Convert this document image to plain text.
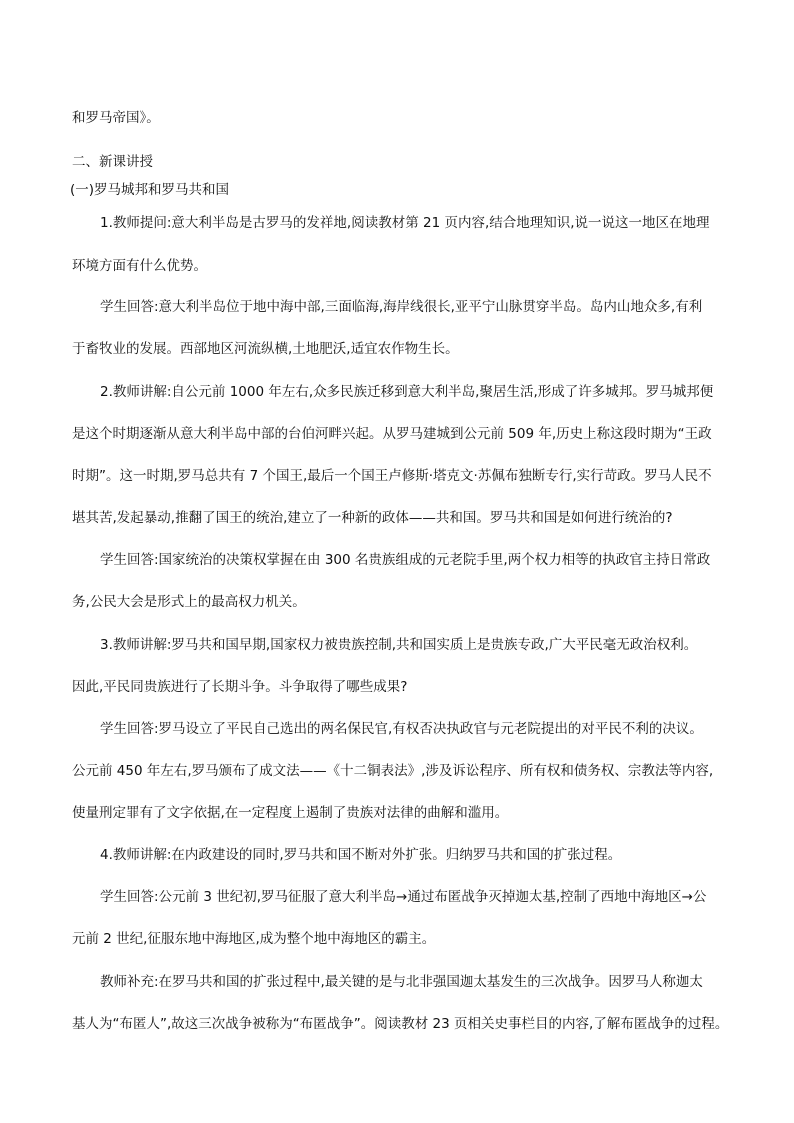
和罗马帝国》。
二、新课讲授
(一)罗马城邦和罗马共和国
1.教师提问:意大利半岛是古罗马的发祥地,阅读教材第 21 页内容,结合地理知识,说一说这一地区在地理
环境方面有什么优势。
学生回答:意大利半岛位于地中海中部,三面临海,海岸线很长,亚平宁山脉贯穿半岛。岛内山地众多,有利
于畜牧业的发展。西部地区河流纵横,土地肥沃,适宜农作物生长。
2.教师讲解:自公元前 1000 年左右,众多民族迁移到意大利半岛,聚居生活,形成了许多城邦。罗马城邦便
是这个时期逐渐从意大利半岛中部的台伯河畔兴起。从罗马建城到公元前 509 年,历史上称这段时期为“王政
时期”。这一时期,罗马总共有 7 个国王,最后一个国王卢修斯·塔克文·苏佩布独断专行,实行苛政。罗马人民不
堪其苦,发起暴动,推翻了国王的统治,建立了一种新的政体——共和国。罗马共和国是如何进行统治的?
学生回答:国家统治的决策权掌握在由 300 名贵族组成的元老院手里,两个权力相等的执政官主持日常政
务,公民大会是形式上的最高权力机关。
3.教师讲解:罗马共和国早期,国家权力被贵族控制,共和国实质上是贵族专政,广大平民毫无政治权利。
因此,平民同贵族进行了长期斗争。斗争取得了哪些成果?
学生回答:罗马设立了平民自己选出的两名保民官,有权否决执政官与元老院提出的对平民不利的决议。
公元前 450 年左右,罗马颁布了成文法——《十二铜表法》,涉及诉讼程序、所有权和债务权、宗教法等内容,
使量刑定罪有了文字依据,在一定程度上遏制了贵族对法律的曲解和滥用。
4.教师讲解:在内政建设的同时,罗马共和国不断对外扩张。归纳罗马共和国的扩张过程。
学生回答:公元前 3 世纪初,罗马征服了意大利半岛→通过布匿战争灭掉迦太基,控制了西地中海地区→公
元前 2 世纪,征服东地中海地区,成为整个地中海地区的霸主。
教师补充:在罗马共和国的扩张过程中,最关键的是与北非强国迦太基发生的三次战争。因罗马人称迦太
基人为“布匿人”,故这三次战争被称为“布匿战争”。阅读教材 23 页相关史事栏目的内容,了解布匿战争的过程。
